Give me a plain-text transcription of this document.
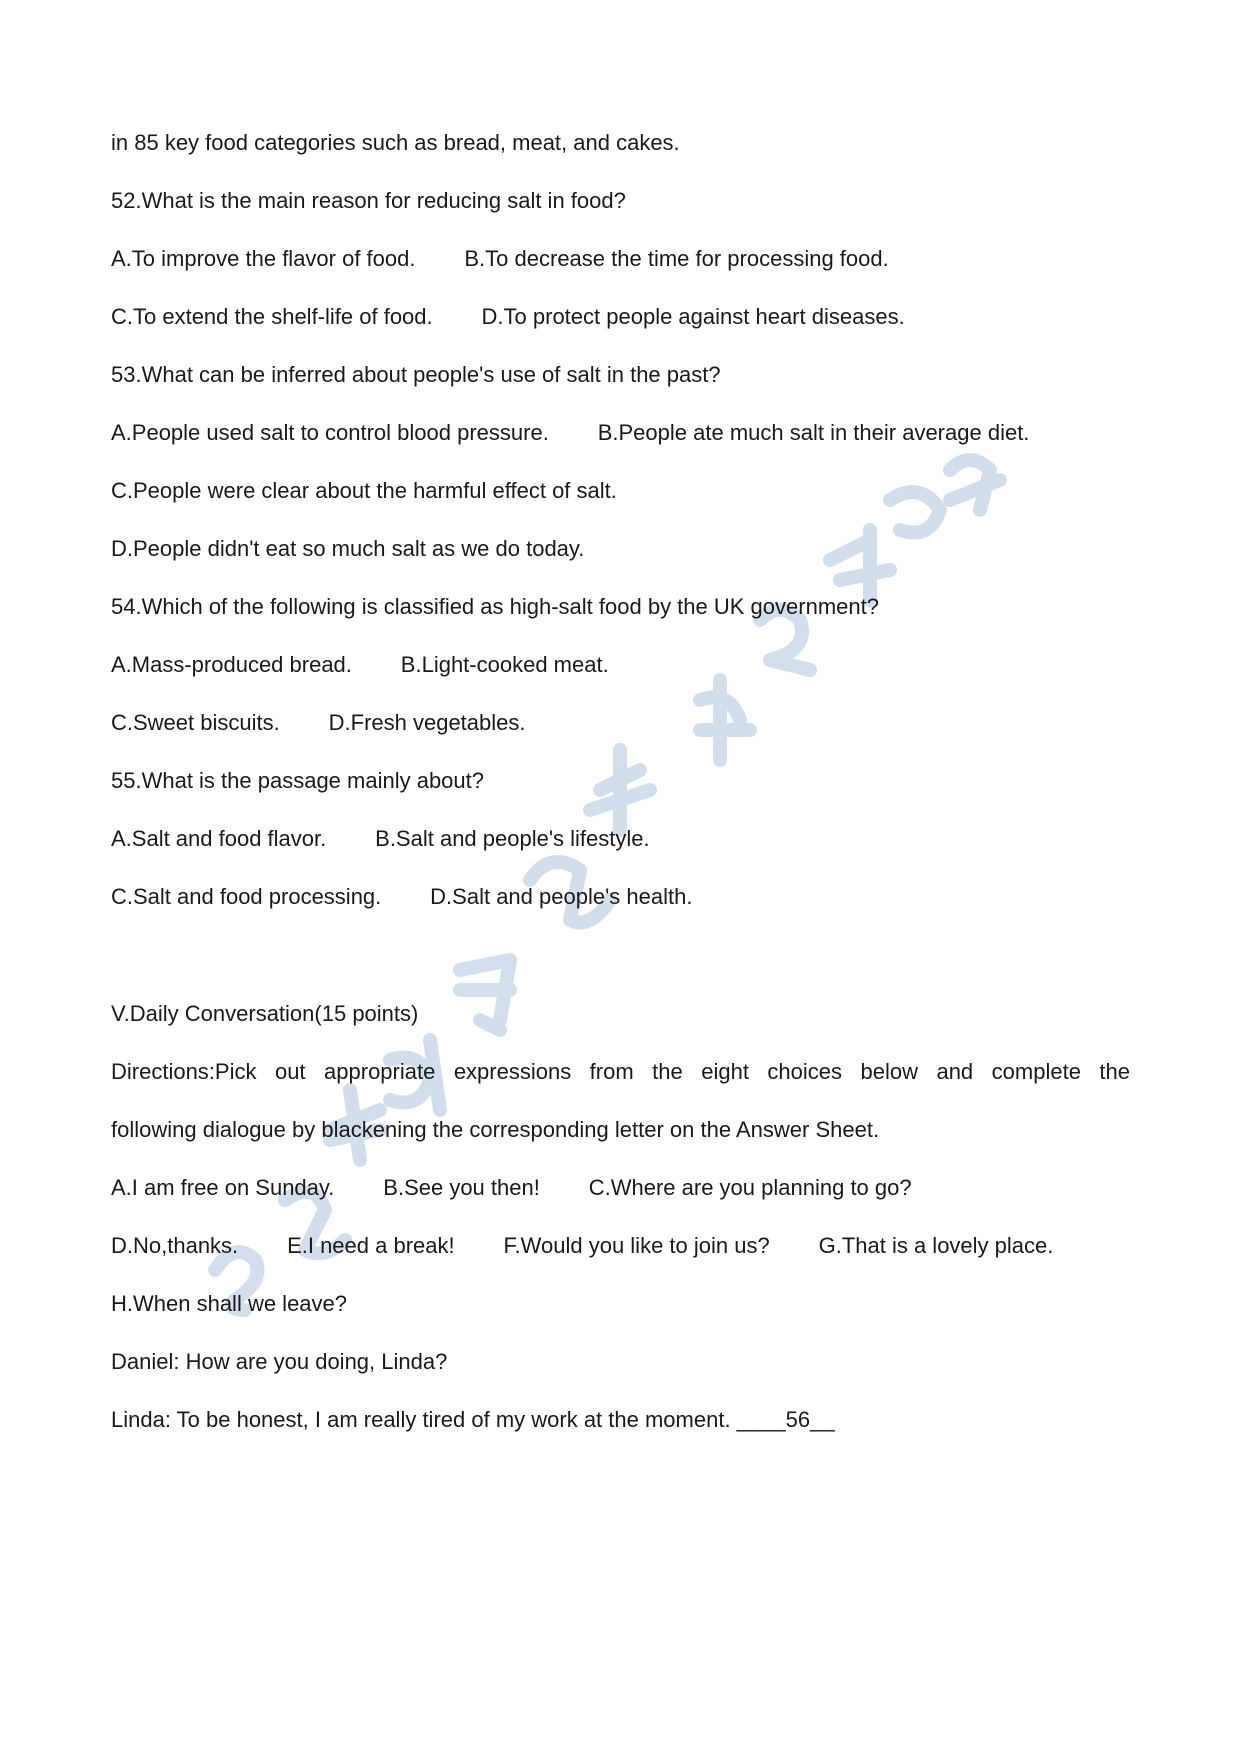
in 85 key food categories such as bread, meat, and cakes.
52.What is the main reason for reducing salt in food?
A.To improve the flavor of food.        B.To decrease the time for processing food.
C.To extend the shelf-life of food.        D.To protect people against heart diseases.
53.What can be inferred about people's use of salt in the past?
A.People used salt to control blood pressure.        B.People ate much salt in their average diet.
C.People were clear about the harmful effect of salt.
D.People didn't eat so much salt as we do today.
54.Which of the following is classified as high-salt food by the UK government?
A.Mass-produced bread.        B.Light-cooked meat.
C.Sweet biscuits.        D.Fresh vegetables.
55.What is the passage mainly about?
A.Salt and food flavor.        B.Salt and people's lifestyle.
C.Salt and food processing.        D.Salt and people's health.
V.Daily Conversation(15 points)
Directions:Pick out appropriate expressions from the eight choices below and complete the
following dialogue by blackening the corresponding letter on the Answer Sheet.
A.I am free on Sunday.        B.See you then!        C.Where are you planning to go?
D.No,thanks.        E.I need a break!        F.Would you like to join us?        G.That is a lovely place.
H.When shall we leave?
Daniel: How are you doing, Linda?
Linda: To be honest, I am really tired of my work at the moment. ____56__
